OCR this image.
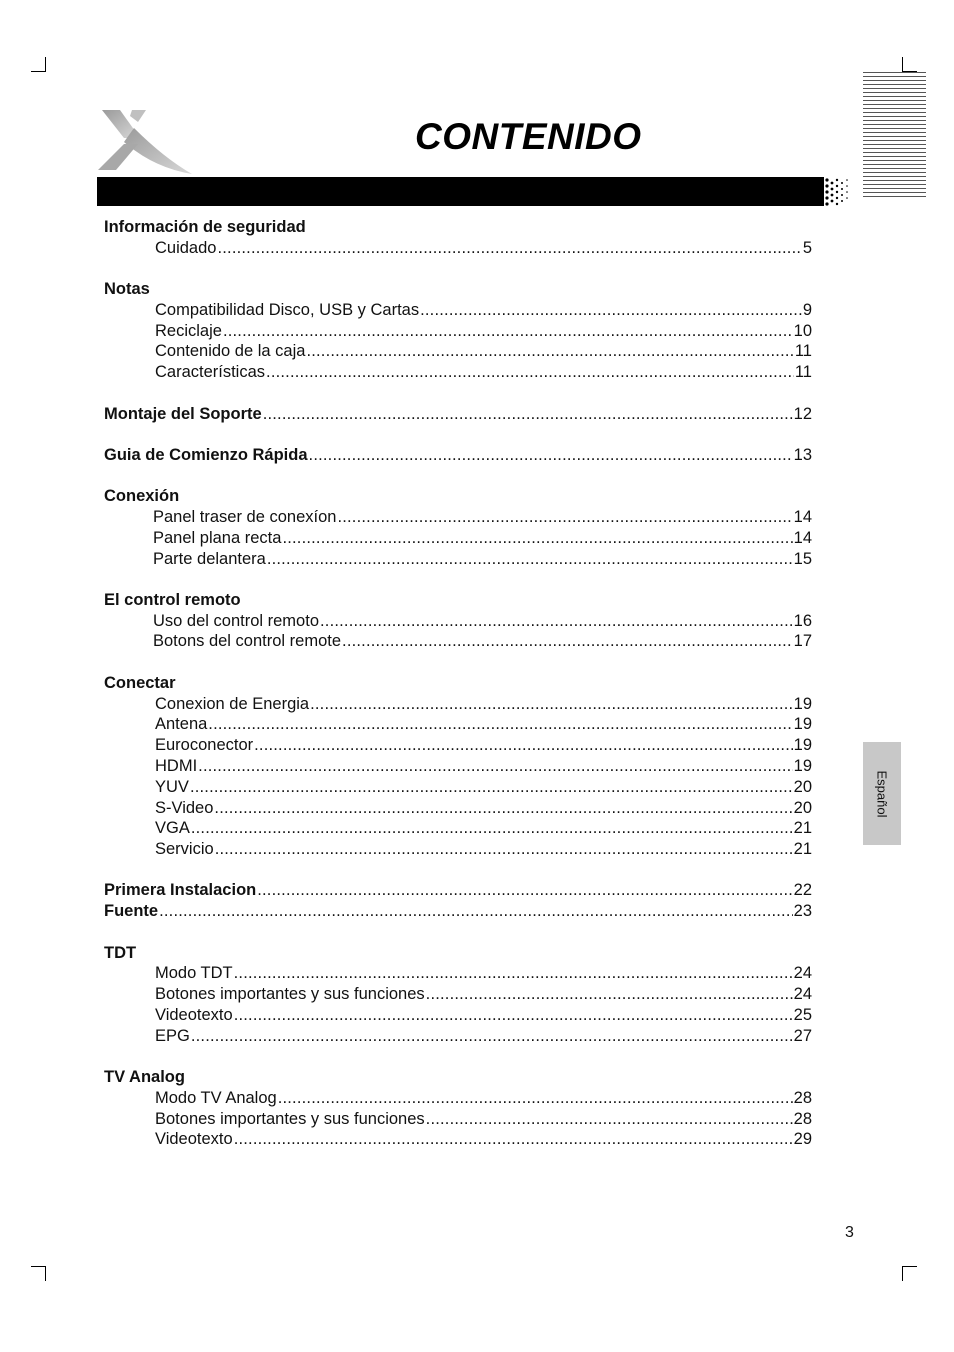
CONTENIDO
Español
Información de seguridad
Cuidado .....	5
Notas
Compatibilidad Disco, USB y Cartas .....	9
Reciclaje .....	10
Contenido de la caja .....	11
Características .....	11
Montaje del Soporte .....	12
Guia de Comienzo Rápida .....	13
Conexión
Panel traser de conexíon .....	14
Panel plana recta .....	14
Parte delantera .....	15
El control remoto
Uso del control remoto .....	16
Botons del control remote .....	17
Conectar
Conexion de Energia .....	19
Antena .....	19
Euroconector .....	19
HDMI .....	19
YUV .....	20
S-Video .....	20
VGA .....	21
Servicio .....	21
Primera Instalacion .....	22
Fuente .....	23
TDT
Modo TDT .....	24
Botones importantes y sus funciones .....	24
Videotexto .....	25
EPG .....	27
TV Analog
Modo TV Analog .....	28
Botones importantes y sus funciones .....	28
Videotexto .....	29
3
